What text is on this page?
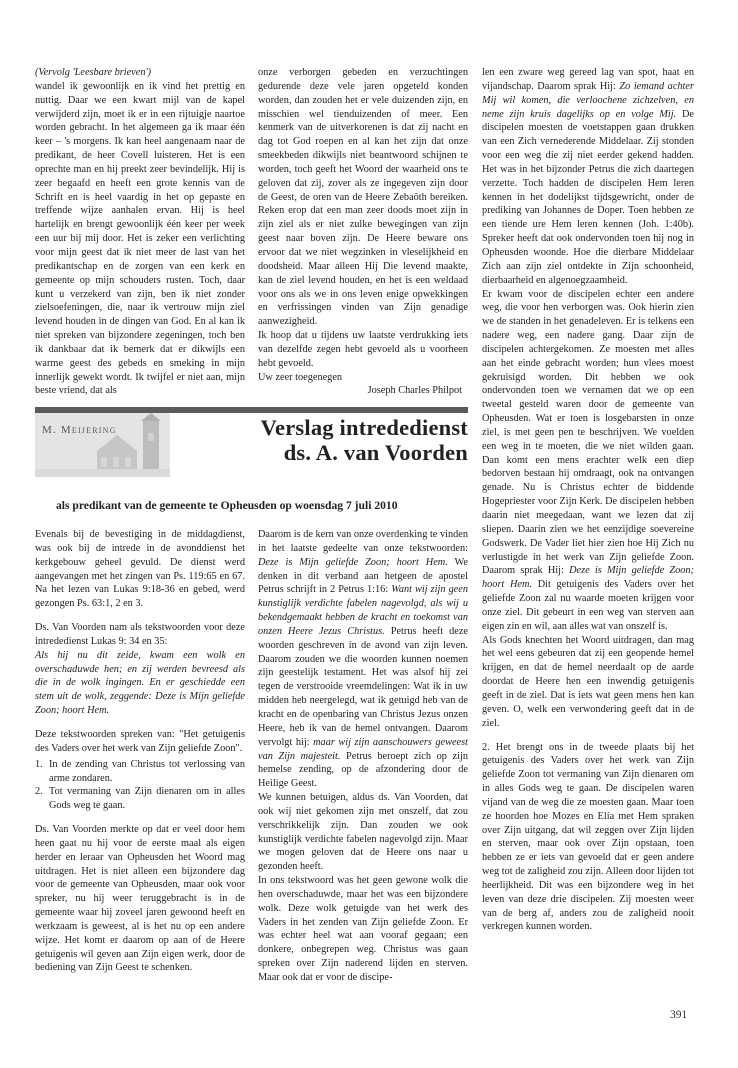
(Vervolg 'Leesbare brieven')

wandel ik gewoonlijk en ik vind het prettig en nuttig. Daar we een kwart mijl van de kapel verwijderd zijn, moet ik er in een rijtuigje naartoe worden gebracht. In het algemeen ga ik maar één keer – 's morgens. Ik kan heel aangenaam naar de predikant, de heer Covell luisteren. Het is een oprechte man en hij preekt zeer bevindelijk. Hij is zeer begaafd en heeft een grote kennis van de Schrift en is heel vaardig in het op gepaste en treffende wijze aanhalen ervan. Hij is heel hartelijk en brengt gewoonlijk één keer per week een uur bij mij door. Het is zeker een verlichting voor mijn geest dat ik niet meer de last van het predikantschap en de zorgen van een kerk en gemeente op mijn schouders rusten. Toch, daar kunt u verzekerd van zijn, ben ik niet zonder zielsoefeningen, die, naar ik vertrouw mijn ziel levend houden in de dingen van God. En al kan ik niet spreken van bijzondere zegeningen, toch ben ik dankbaar dat ik bemerk dat er dikwijls een warme geest des gebeds en smeking in mijn innerlijk gewekt wordt. Ik twijfel er niet aan, mijn beste vriend, dat als

onze verborgen gebeden en verzuchtingen gedurende deze vele jaren opgeteld konden worden, dan zouden het er vele duizenden zijn, en misschien wel tienduizenden of meer. Een kenmerk van de uitverkorenen is dat zij nacht en dag tot God roepen en al kan het zijn dat onze smeekbeden dikwijls niet beantwoord schijnen te worden, toch geeft het Woord der waarheid ons te geloven dat zij, zover als ze ingegeven zijn door de Geest, de oren van de Heere Zebaôth bereiken. Reken erop dat een man zeer doods moet zijn in zijn ziel als er niet zulke bewegingen van zijn geest naar boven zijn. De Heere beware ons ervoor dat we niet wegzinken in vleselijkheid en doodsheid. Maar alleen Hij Die levend maakte, kan de ziel levend houden, en het is een weldaad voor ons als we in ons leven enige opwekkingen en verfrissingen vinden van Zijn genadige aanwezigheid.

Ik hoop dat u tijdens uw laatste verdrukking iets van dezelfde zegen hebt gevoeld als u voorheen hebt gevoeld.

Uw zeer toegenegen

Joseph Charles Philpot

M. Meijering	Verslag intrededienst
ds. A. van Voorden
als predikant van de gemeente te Opheusden op woensdag 7 juli 2010

Evenals bij de bevestiging in de middagdienst, was ook bij de intrede in de avonddienst het kerkgebouw geheel gevuld. De dienst werd aangevangen met het zingen van Ps. 119:65 en 67. Na het lezen van Lukas 9:18-36 en gebed, werd gezongen Ps. 63:1, 2 en 3.

Ds. Van Voorden nam als tekstwoorden voor deze intrededienst Lukas 9: 34 en 35:

Als hij nu dit zeide, kwam een wolk en overschaduwde hen; en zij werden bevreesd als die in de wolk ingingen. En er geschiedde een stem uit de wolk, zeggende: Deze is Mijn geliefde Zoon; hoort Hem.

Deze tekstwoorden spreken van: "Het getuigenis des Vaders over het werk van Zijn geliefde Zoon".

1. In de zending van Christus tot verlossing van arme zondaren.
2. Tot vermaning van Zijn dienaren om in alles Gods weg te gaan.

Ds. Van Voorden merkte op dat er veel door hem heen gaat nu hij voor de eerste maal als eigen herder en leraar van Opheusden het Woord mag uitdragen. Het is niet alleen een bijzondere dag voor de gemeente van Opheusden, maar ook voor spreker, nu hij weer teruggebracht is in de gemeente waar hij zoveel jaren gewoond heeft en werkzaam is geweest, al is het nu op een andere wijze. Het komt er daarom op aan of de Heere getuigenis wil geven aan Zijn eigen werk, door de bediening van Zijn Geest te schenken.

Daarom is de kern van onze overdenking te vinden in het laatste gedeelte van onze tekstwoorden: Deze is Mijn geliefde Zoon; hoort Hem. We denken in dit verband aan hetgeen de apostel Petrus schrijft in 2 Petrus 1:16: Want wij zijn geen kunstiglijk verdichte fabelen nagevolgd, als wij u bekendgemaakt hebben de kracht en toekomst van onzen Heere Jezus Christus. Petrus heeft deze woorden geschreven in de avond van zijn leven. Daarom zouden we die woorden kunnen noemen zijn geestelijk testament. Het was alsof hij zei tegen de verstrooide vreemdelingen: Wat ik in uw midden heb neergelegd, wat ik getuigd heb van de kracht en de openbaring van Christus Jezus onzen Heere, heb ik van de hemel ontvangen. Daarom vervolgt hij: maar wij zijn aanschouwers geweest van Zijn majesteit. Petrus beroept zich op zijn hemelse zending, op de afzondering door de Heilige Geest.

We kunnen betuigen, aldus ds. Van Voorden, dat ook wij niet gekomen zijn met onszelf, dat zou verschrikkelijk zijn. Dan zouden we ook kunstiglijk verdichte fabelen nagevolgd zijn. Maar we mogen geloven dat de Heere ons naar u gezonden heeft.

In ons tekstwoord was het geen gewone wolk die hen overschaduwde, maar het was een bijzondere wolk. Deze wolk getuigde van het werk des Vaders in het zenden van Zijn geliefde Zoon. Er was echter heel wat aan vooraf gegaan; een donkere, onbegrepen weg. Christus was gaan spreken over Zijn naderend lijden en sterven. Maar ook dat er voor de discipe-

len een zware weg gereed lag van spot, haat en vijandschap. Daarom sprak Hij: Zo iemand achter Mij wil komen, die verloochene zichzelven, en neme zijn kruis dagelijks op en volge Mij. De discipelen moesten de voetstappen gaan drukken van een Zich vernederende Middelaar. Zij stonden voor een weg die zij niet eerder gekend hadden. Het was in het bijzonder Petrus die zich daartegen verzette. Toch hadden de discipelen Hem leren kennen in het dodelijkst tijdsgewricht, onder de prediking van Johannes de Doper. Toen hebben ze een tiende ure Hem leren kennen (Joh. 1:40b). Spreker heeft dat ook ondervonden toen hij nog in Opheusden woonde. Hoe die dierbare Middelaar Zich aan zijn ziel ontdekte in Zijn schoonheid, dierbaarheid en algenoegzaamheid.

Er kwam voor de discipelen echter een andere weg, die voor hen verborgen was. Ook hierin zien we de standen in het genadeleven. Er is telkens een nadere weg, een nadere gang. Daar zijn de discipelen achtergekomen. Ze moesten met alles aan het einde gebracht worden; hun vlees moest gekruisigd worden. Dit hebben we ook ondervonden toen we vernamen dat we op een tweetal gesteld waren door de gemeente van Opheusden. Wat er toen is losgebarsten in onze ziel, is met geen pen te beschrijven. We voelden een weg in te moeten, die we niet wilden gaan. Dan komt een mens erachter welk een diep bedorven bestaan hij omdraagt, ook na ontvangen genade. Nu is Christus echter de biddende Hogepriester voor Zijn Kerk. De discipelen hebben daarin niet meegedaan, want we lezen dat zij sliepen. Daarin zien we het eenzijdige soevereine Godswerk. De Vader liet hier zien hoe Hij Zich nu verlustigde in het werk van Zijn geliefde Zoon. Daarom sprak Hij: Deze is Mijn geliefde Zoon; hoort Hem. Dit getuigenis des Vaders over het geliefde Zoon zal nu waarde moeten krijgen voor onze ziel. Dit gebeurt in een weg van sterven aan eigen zin en wil, aan alles wat van onszelf is.

Als Gods knechten het Woord uitdragen, dan mag het wel eens gebeuren dat zij een geopende hemel krijgen, en dat de hemel neerdaalt op de aarde doordat de Heere hen een inwendig getuigenis geeft in de ziel. Dat is iets wat geen mens hen kan geven. O, welk een verwondering geeft dat in de ziel.

2. Het brengt ons in de tweede plaats bij het getuigenis des Vaders over het werk van Zijn geliefde Zoon tot vermaning van Zijn dienaren om in alles Gods weg te gaan. De discipelen waren vijand van de weg die ze moesten gaan. Maar toen ze hoorden hoe Mozes en Elía met Hem spraken over Zijn uitgang, dat wil zeggen over Zijn lijden en sterven, maar ook over Zijn opstaan, toen hebben ze er iets van gevoeld dat er geen andere weg tot de zaligheid zou zijn. Alleen door lijden tot heerlijkheid. Dit was een bijzondere weg in het leven van deze drie discipelen. Zij moesten weer van de berg af, anders zou de zaligheid nooit verkregen kunnen worden.

391
